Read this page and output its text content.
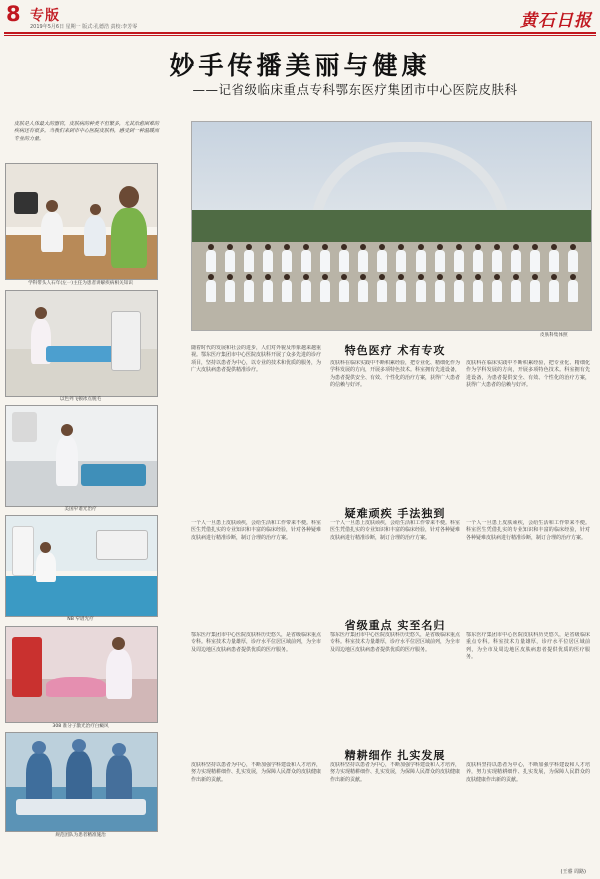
8 专版
2019年5月6日 星期一 版式:孔德浩 责校:李芳零	黄石日报
妙手传播美丽与健康
——记省级临床重点专科鄂东医疗集团市中心医院皮肤科
皮肤是人体最大的器官，皮肤病的种类不但繁多，尤其治愈困难的疾病还有很多。当我们来到市中心医院皮肤科，感受到一种温暖而专业的力量。
学科带头人石年(左一)主任为患者讲解疾病相关知识
以色列飞顿冰点脱毛
美国窄谱光治疗
NB 窄谱光疗
308 准分子激光治疗白癜风
规范团队为患者精准施治
皮肤科集体照
随着时代的发展和社会的进步，人们对外貌及形象越来越重视。鄂东医疗集团市中心医院皮肤科开展了众多先进的诊疗项目，坚持以患者为中心，以专业的技术和优质的服务，为广大皮肤病患者提供精准诊疗。
特色医疗 术有专攻
皮肤科在临床实践中不断积累经验，把专业化、精细化作为学科发展的方向，开展多项特色技术。科室拥有先进设备，为患者提供安全、有效、个性化的治疗方案，获得广大患者的信赖与好评。
皮肤科在临床实践中不断积累经验，把专业化、精细化作为学科发展的方向，开展多项特色技术。科室拥有先进设备，为患者提供安全、有效、个性化的治疗方案，获得广大患者的信赖与好评。
疑难顽疾 手法独到
一个人一旦患上皮肤顽疾，会给生活和工作带来不便。科室医生凭借扎实的专业知识和丰富的临床经验，针对各种疑难皮肤病进行精准诊断，制订合理的治疗方案。
一个人一旦患上皮肤顽疾，会给生活和工作带来不便。科室医生凭借扎实的专业知识和丰富的临床经验，针对各种疑难皮肤病进行精准诊断，制订合理的治疗方案。
一个人一旦患上皮肤顽疾，会给生活和工作带来不便。科室医生凭借扎实的专业知识和丰富的临床经验，针对各种疑难皮肤病进行精准诊断，制订合理的治疗方案。
省级重点 实至名归
鄂东医疗集团市中心医院皮肤科历史悠久，是省级临床重点专科。科室技术力量雄厚，诊疗水平位居区域前列，为全市及周边地区皮肤病患者提供优质的医疗服务。
鄂东医疗集团市中心医院皮肤科历史悠久，是省级临床重点专科。科室技术力量雄厚，诊疗水平位居区域前列，为全市及周边地区皮肤病患者提供优质的医疗服务。
鄂东医疗集团市中心医院皮肤科历史悠久，是省级临床重点专科。科室技术力量雄厚，诊疗水平位居区域前列，为全市及周边地区皮肤病患者提供优质的医疗服务。
精耕细作 扎实发展
皮肤科坚持以患者为中心，不断加强学科建设和人才培养，努力实现精耕细作、扎实发展，为保障人民群众的皮肤健康作出新的贡献。
皮肤科坚持以患者为中心，不断加强学科建设和人才培养，努力实现精耕细作、扎实发展，为保障人民群众的皮肤健康作出新的贡献。
皮肤科坚持以患者为中心，不断加强学科建设和人才培养，努力实现精耕细作、扎实发展，为保障人民群众的皮肤健康作出新的贡献。
(王睿 周路)
